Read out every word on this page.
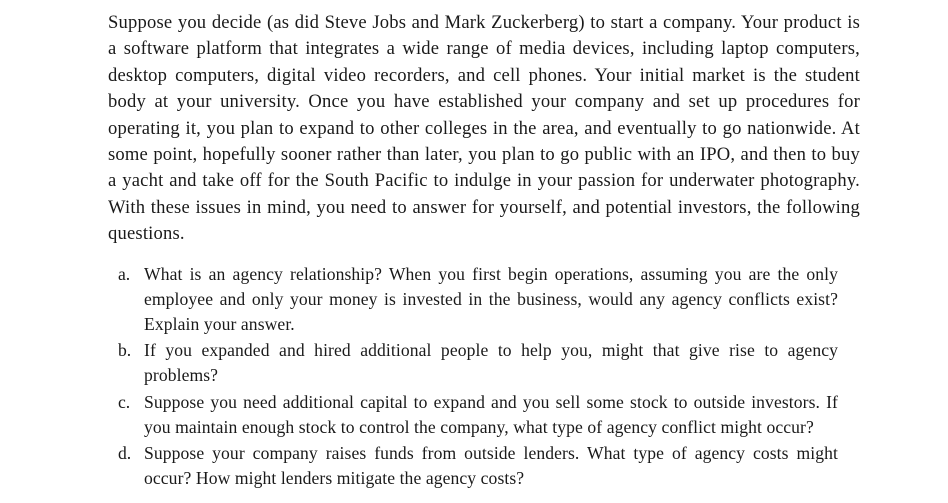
Suppose you decide (as did Steve Jobs and Mark Zuckerberg) to start a company. Your product is a software platform that integrates a wide range of media devices, including laptop computers, desktop computers, digital video recorders, and cell phones. Your initial market is the student body at your university. Once you have established your company and set up procedures for operating it, you plan to expand to other colleges in the area, and eventually to go nationwide. At some point, hopefully sooner rather than later, you plan to go public with an IPO, and then to buy a yacht and take off for the South Pacific to indulge in your passion for underwater photography. With these issues in mind, you need to answer for yourself, and potential investors, the following questions.

a. What is an agency relationship? When you first begin operations, assuming you are the only employee and only your money is invested in the business, would any agency conflicts exist? Explain your answer.
b. If you expanded and hired additional people to help you, might that give rise to agency problems?
c. Suppose you need additional capital to expand and you sell some stock to outside investors. If you maintain enough stock to control the company, what type of agency conflict might occur?
d. Suppose your company raises funds from outside lenders. What type of agency costs might occur? How might lenders mitigate the agency costs?
